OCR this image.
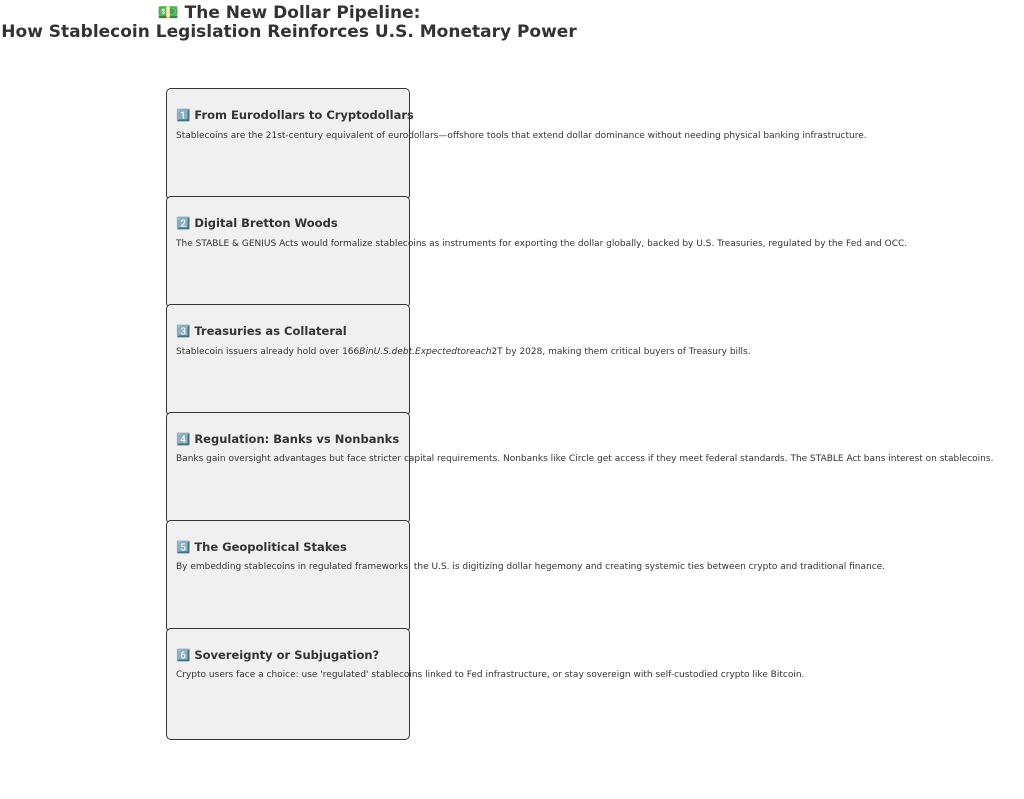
💵 The New Dollar Pipeline:
How Stablecoin Legislation Reinforces U.S. Monetary Power
1️⃣ From Eurodollars to Cryptodollars
Stablecoins are the 21st-century equivalent of eurodollars—offshore tools that extend dollar dominance without needing physical banking infrastructure.
2️⃣ Digital Bretton Woods
The STABLE & GENIUS Acts would formalize stablecoins as instruments for exporting the dollar globally, backed by U.S. Treasuries, regulated by the Fed and OCC.
3️⃣ Treasuries as Collateral
Stablecoin issuers already hold over 166BinU.S.debt.Expectedtoreach2T by 2028, making them critical buyers of Treasury bills.
4️⃣ Regulation: Banks vs Nonbanks
Banks gain oversight advantages but face stricter capital requirements. Nonbanks like Circle get access if they meet federal standards. The STABLE Act bans interest on stablecoins.
5️⃣ The Geopolitical Stakes
By embedding stablecoins in regulated frameworks, the U.S. is digitizing dollar hegemony and creating systemic ties between crypto and traditional finance.
6️⃣ Sovereignty or Subjugation?
Crypto users face a choice: use 'regulated' stablecoins linked to Fed infrastructure, or stay sovereign with self-custodied crypto like Bitcoin.
